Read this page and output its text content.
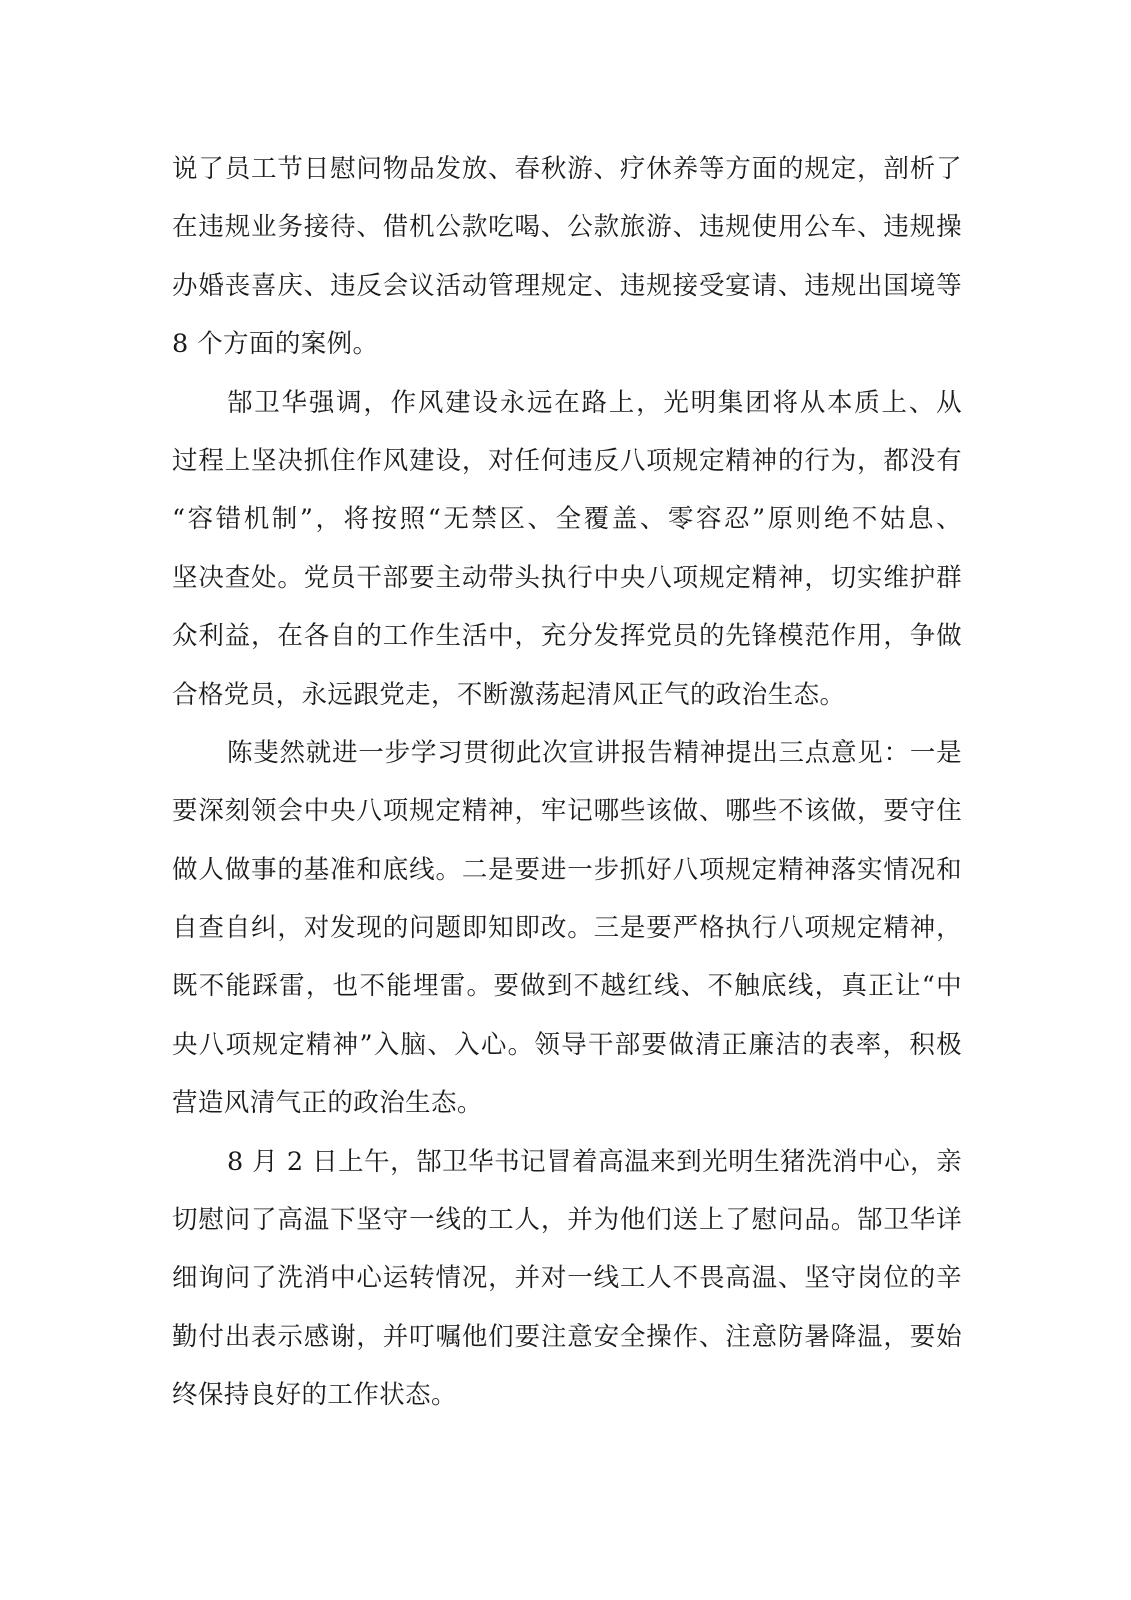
说了员工节日慰问物品发放、春秋游、疗休养等方面的规定，剖析了
在违规业务接待、借机公款吃喝、公款旅游、违规使用公车、违规操
办婚丧喜庆、违反会议活动管理规定、违规接受宴请、违规出国境等
8 个方面的案例。
郜卫华强调，作风建设永远在路上，光明集团将从本质上、从
过程上坚决抓住作风建设，对任何违反八项规定精神的行为，都没有
“容错机制”，将按照“无禁区、全覆盖、零容忍”原则绝不姑息、
坚决查处。党员干部要主动带头执行中央八项规定精神，切实维护群
众利益，在各自的工作生活中，充分发挥党员的先锋模范作用，争做
合格党员，永远跟党走，不断激荡起清风正气的政治生态。
陈斐然就进一步学习贯彻此次宣讲报告精神提出三点意见：一是
要深刻领会中央八项规定精神，牢记哪些该做、哪些不该做，要守住
做人做事的基准和底线。二是要进一步抓好八项规定精神落实情况和
自查自纠，对发现的问题即知即改。三是要严格执行八项规定精神，
既不能踩雷，也不能埋雷。要做到不越红线、不触底线，真正让“中
央八项规定精神”入脑、入心。领导干部要做清正廉洁的表率，积极
营造风清气正的政治生态。
8 月 2 日上午，郜卫华书记冒着高温来到光明生猪洗消中心，亲
切慰问了高温下坚守一线的工人，并为他们送上了慰问品。郜卫华详
细询问了洗消中心运转情况，并对一线工人不畏高温、坚守岗位的辛
勤付出表示感谢，并叮嘱他们要注意安全操作、注意防暑降温，要始
终保持良好的工作状态。
